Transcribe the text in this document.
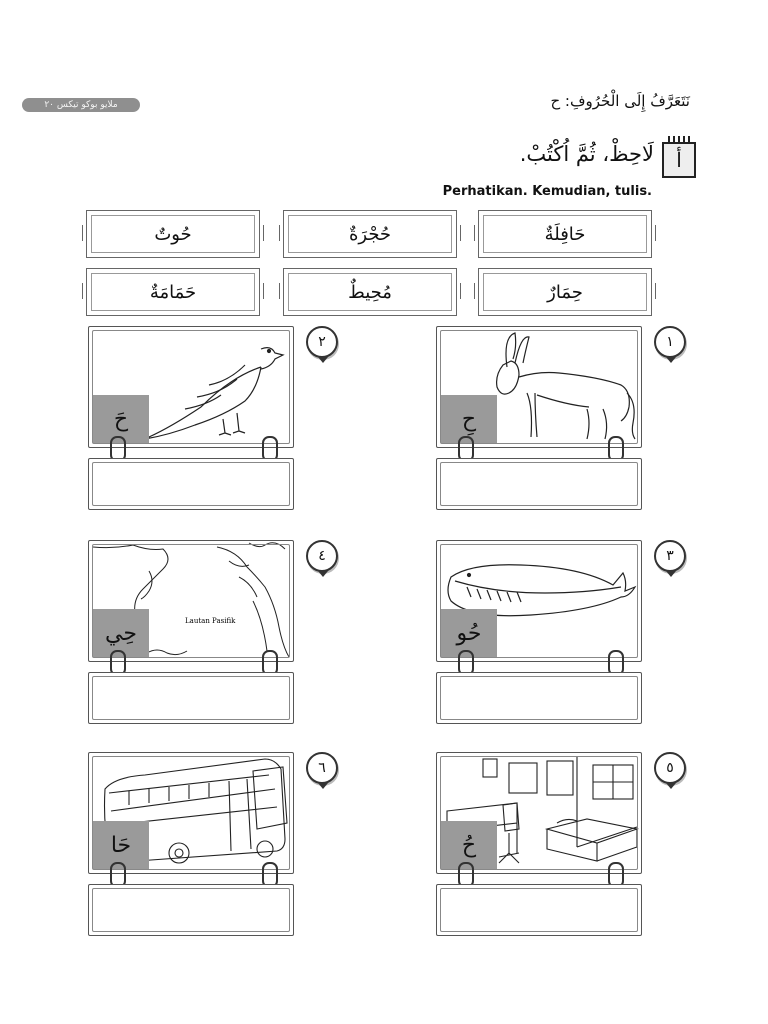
ملايو بوكو تيكس ٢٠	نَتَعَرَّفُ إِلَى الْحُرُوفِ: ح
أ
لَاحِظْ، ثُمَّ اُكْتُبْ.
Perhatikan. Kemudian, tulis.
حَافِلَةٌ
حُجْرَةٌ
حُوتٌ
حِمَارٌ
مُحِيطٌ
حَمَامَةٌ
حِ
١
حَ
٢
حُو
٣
Lautan Pasifik
حِي
٤
حُ
٥
حَا
٦
